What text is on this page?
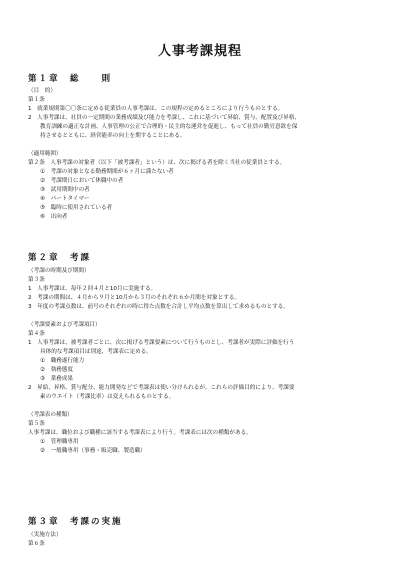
人事考課規程
第１章　総　　則
（目　的）
第１条
1　就業規則第〇〇条に定める従業員の人事考課は、この規程の定めるところにより行うものとする。
2　人事考課は、社員の一定期間の業務成績及び能力を考課し、これに基づいて昇給、賞与、配置及び昇格、
教育訓練の適正な計画、人事管理の公正で合理的・民主的な運営を促進し、もって社員の勤労意欲を保
持させるとともに、経営能率の向上を期することにある。
（適用範囲）
第２条　人事考課の対象者（以下「被考課者」という）は、次に掲げる者を除く当社の従業員とする。
①　考課の対象となる勤務期間が６ヶ月に満たない者
②　考課期日において休職中の者
③　試用期間中の者
④　パートタイマー
⑤　臨時に使用されている者
⑥　出向者
第２章　考課
（考課の時期及び期間）
第３条
1　人事考課は、毎年２回４月と10月に実施する。
2　考課の期間は、４月から９月と10月から３月のそれぞれ６か月間を対象とする。
3　年度の考課点数は、前号のそれぞれの時に得た点数を合計し平均点数を算出して求めるものとする。
（考課要素および考課項目）
第４条
1　人事考課は、被考課者ごとに、次に掲げる考課要素について行うものとし、考課者が実際に評価を行う
具体的な考課項目は別途、考課表に定める。
①　職務遂行能力
②　執務態度
③　業務成果
2　昇給、昇格、賞与配分、能力開発などで考課表は使い分けられるが、これらの評価目的により、考課要
素のウエイト（考課比率）は変えられるものとする。
（考課表の種類）
第５条
人事考課は、職位および職種に該当する考課表により行う。考課表には次の種類がある。
①　管理職専用
②　一般職専用（事務・販売職、製造職）
第３章　考課の実施
（実施方法）
第６条
